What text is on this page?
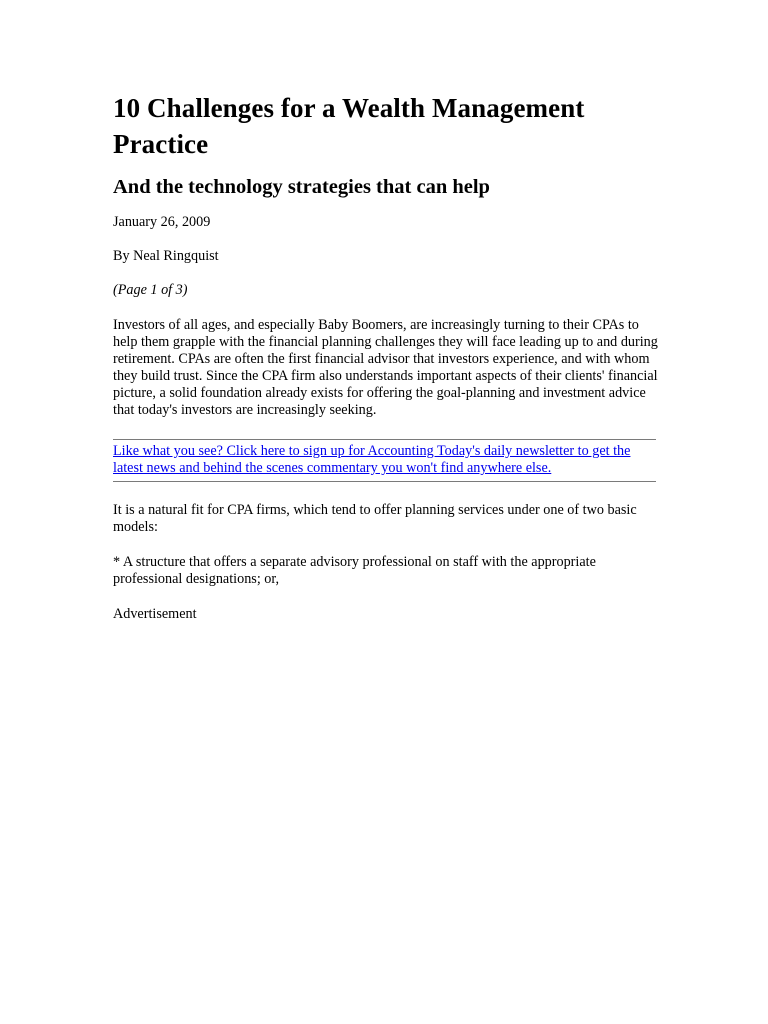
10 Challenges for a Wealth Management Practice
And the technology strategies that can help

January 26, 2009

By Neal Ringquist

(Page 1 of 3)

Investors of all ages, and especially Baby Boomers, are increasingly turning to their CPAs to help them grapple with the financial planning challenges they will face leading up to and during retirement. CPAs are often the first financial advisor that investors experience, and with whom they build trust. Since the CPA firm also understands important aspects of their clients' financial picture, a solid foundation already exists for offering the goal-planning and investment advice that today's investors are increasingly seeking.

Like what you see? Click here to sign up for Accounting Today's daily newsletter to get the latest news and behind the scenes commentary you won't find anywhere else.

It is a natural fit for CPA firms, which tend to offer planning services under one of two basic models:

* A structure that offers a separate advisory professional on staff with the appropriate professional designations; or,

Advertisement
